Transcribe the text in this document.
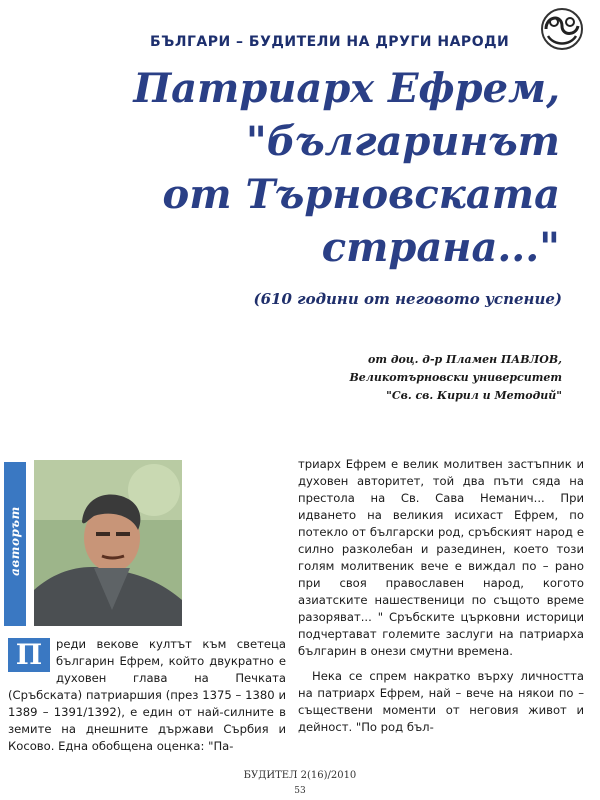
БЪЛГАРИ – БУДИТЕЛИ НА ДРУГИ НАРОДИ
Патриарх Ефрем,
"българинът
от Търновската
страна..."
(610 години от неговото успение)
от доц. д-р Пламен ПАВЛОВ,
Великотърновски университет
"Св. св. Кирил и Методий"
авторът
П	реди векове култът към светеца българин Ефрем, който двукратно е духовен глава на Печката (Сръбската) патриаршия (през 1375 – 1380 и 1389 – 1391/1392), е един от най-силните в земите на днешните държави Сърбия и Косово. Една обобщена оценка: "Па-
триарх Ефрем е велик молитвен застъпник и духовен авторитет, той два пъти сяда на престола на Св. Сава Неманич... При идването на великия исихаст Ефрем, по потекло от български род, сръбският народ е силно разколебан и разединен, което този голям молитвеник вече е виждал по – рано при своя православен народ, когото азиатските нашественици по същото време разоряват... " Сръбските църковни историци подчертават големите заслуги на патриарха българин в онези смутни времена.
Нека се спрем накратко върху личността на патриарх Ефрем, най – вече на някои по – съществени моменти от неговия живот и дейност. "По род бъл-
БУДИТЕЛ 2(16)/2010
53
